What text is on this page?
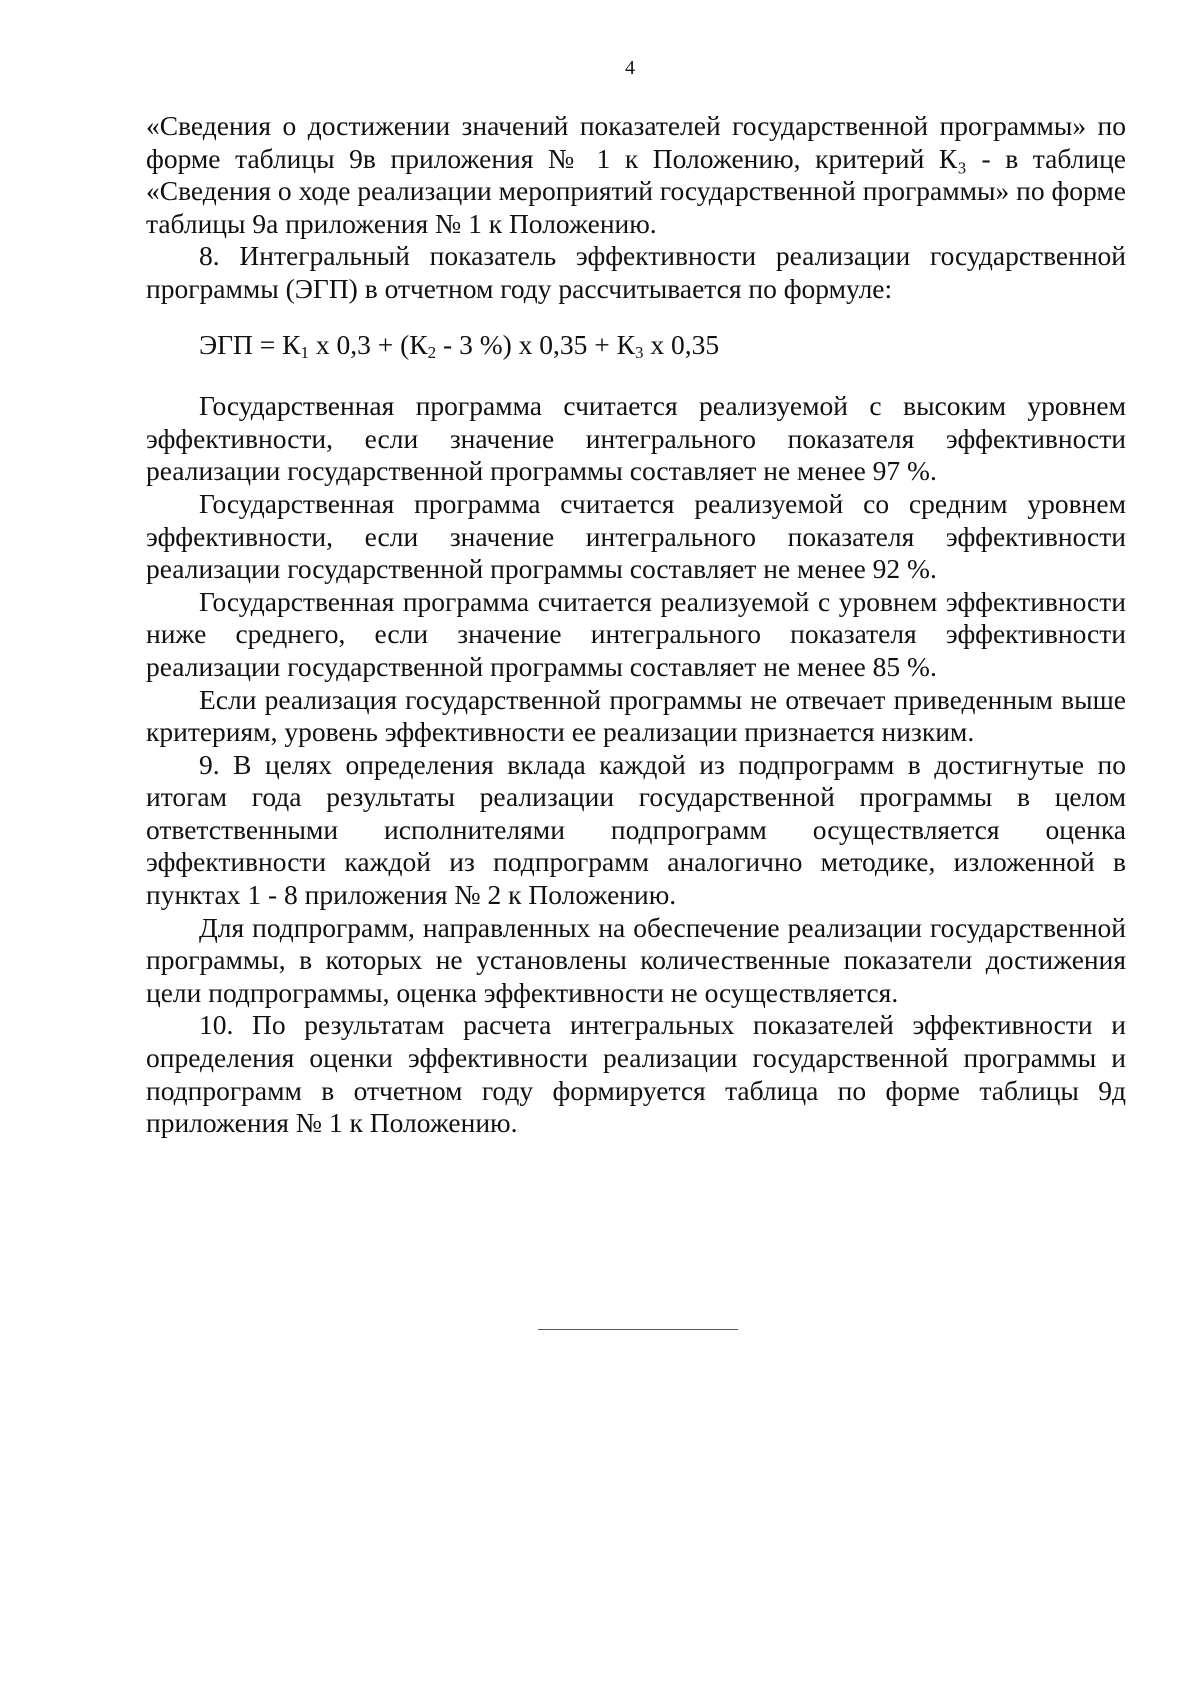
4

«Сведения о достижении значений показателей государственной программы» по форме таблицы 9в приложения № 1 к Положению, критерий К₃ - в таблице «Сведения о ходе реализации мероприятий государственной программы» по форме таблицы 9а приложения № 1 к Положению.

8. Интегральный показатель эффективности реализации государственной программы (ЭГП) в отчетном году рассчитывается по формуле:

ЭГП = $К_1$ х $0,3 + (К_2 - 3$ %) х $0,35 + К_3$ х 0,35

Государственная программа считается реализуемой с высоким уровнем эффективности, если значение интегрального показателя эффективности реализации государственной программы составляет не менее 97 %.

Государственная программа считается реализуемой со средним уровнем эффективности, если значение интегрального показателя эффективности реализации государственной программы составляет не менее 92 %.

Государственная программа считается реализуемой с уровнем эффективности ниже среднего, если значение интегрального показателя эффективности реализации государственной программы составляет не менее 85 %.

Если реализация государственной программы не отвечает приведенным выше критериям, уровень эффективности ее реализации признается низким.

9. В целях определения вклада каждой из подпрограмм в достигнутые по итогам года результаты реализации государственной программы в целом ответственными исполнителями подпрограмм осуществляется оценка эффективности каждой из подпрограмм аналогично методике, изложенной в пунктах 1 - 8 приложения № 2 к Положению.

Для подпрограмм, направленных на обеспечение реализации государственной программы, в которых не установлены количественные показатели достижения цели подпрограммы, оценка эффективности не осуществляется.

10. По результатам расчета интегральных показателей эффективности и определения оценки эффективности реализации государственной программы и подпрограмм в отчетном году формируется таблица по форме таблицы 9д приложения № 1 к Положению.
